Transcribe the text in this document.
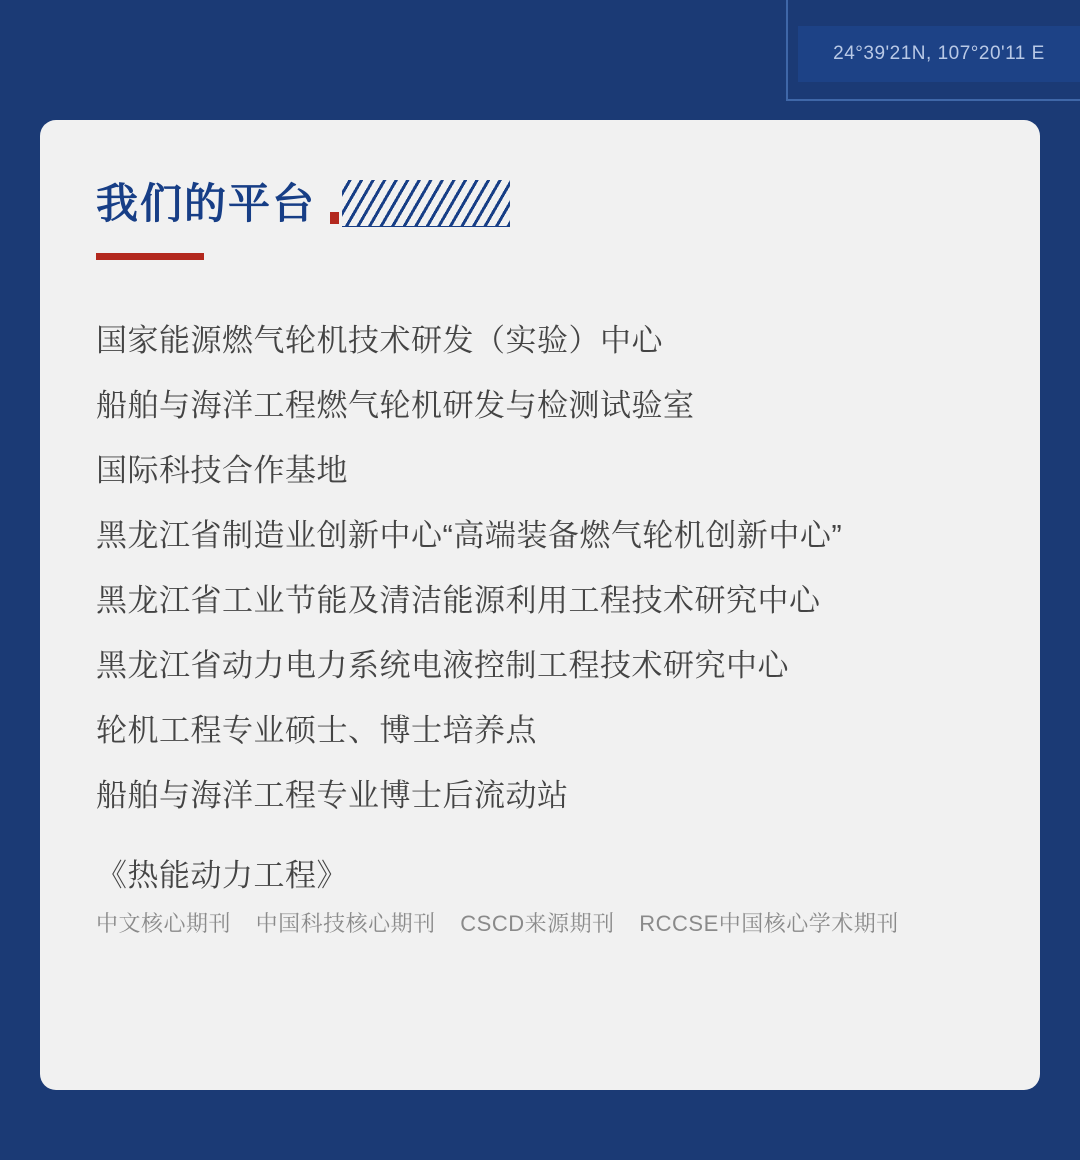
24°39'21N, 107°20'11 E
我们的平台
国家能源燃气轮机技术研发（实验）中心
船舶与海洋工程燃气轮机研发与检测试验室
国际科技合作基地
黑龙江省制造业创新中心“高端装备燃气轮机创新中心”
黑龙江省工业节能及清洁能源利用工程技术研究中心
黑龙江省动力电力系统电液控制工程技术研究中心
轮机工程专业硕士、博士培养点
船舶与海洋工程专业博士后流动站
《热能动力工程》
中文核心期刊 中国科技核心期刊 CSCD来源期刊 RCCSE中国核心学术期刊
